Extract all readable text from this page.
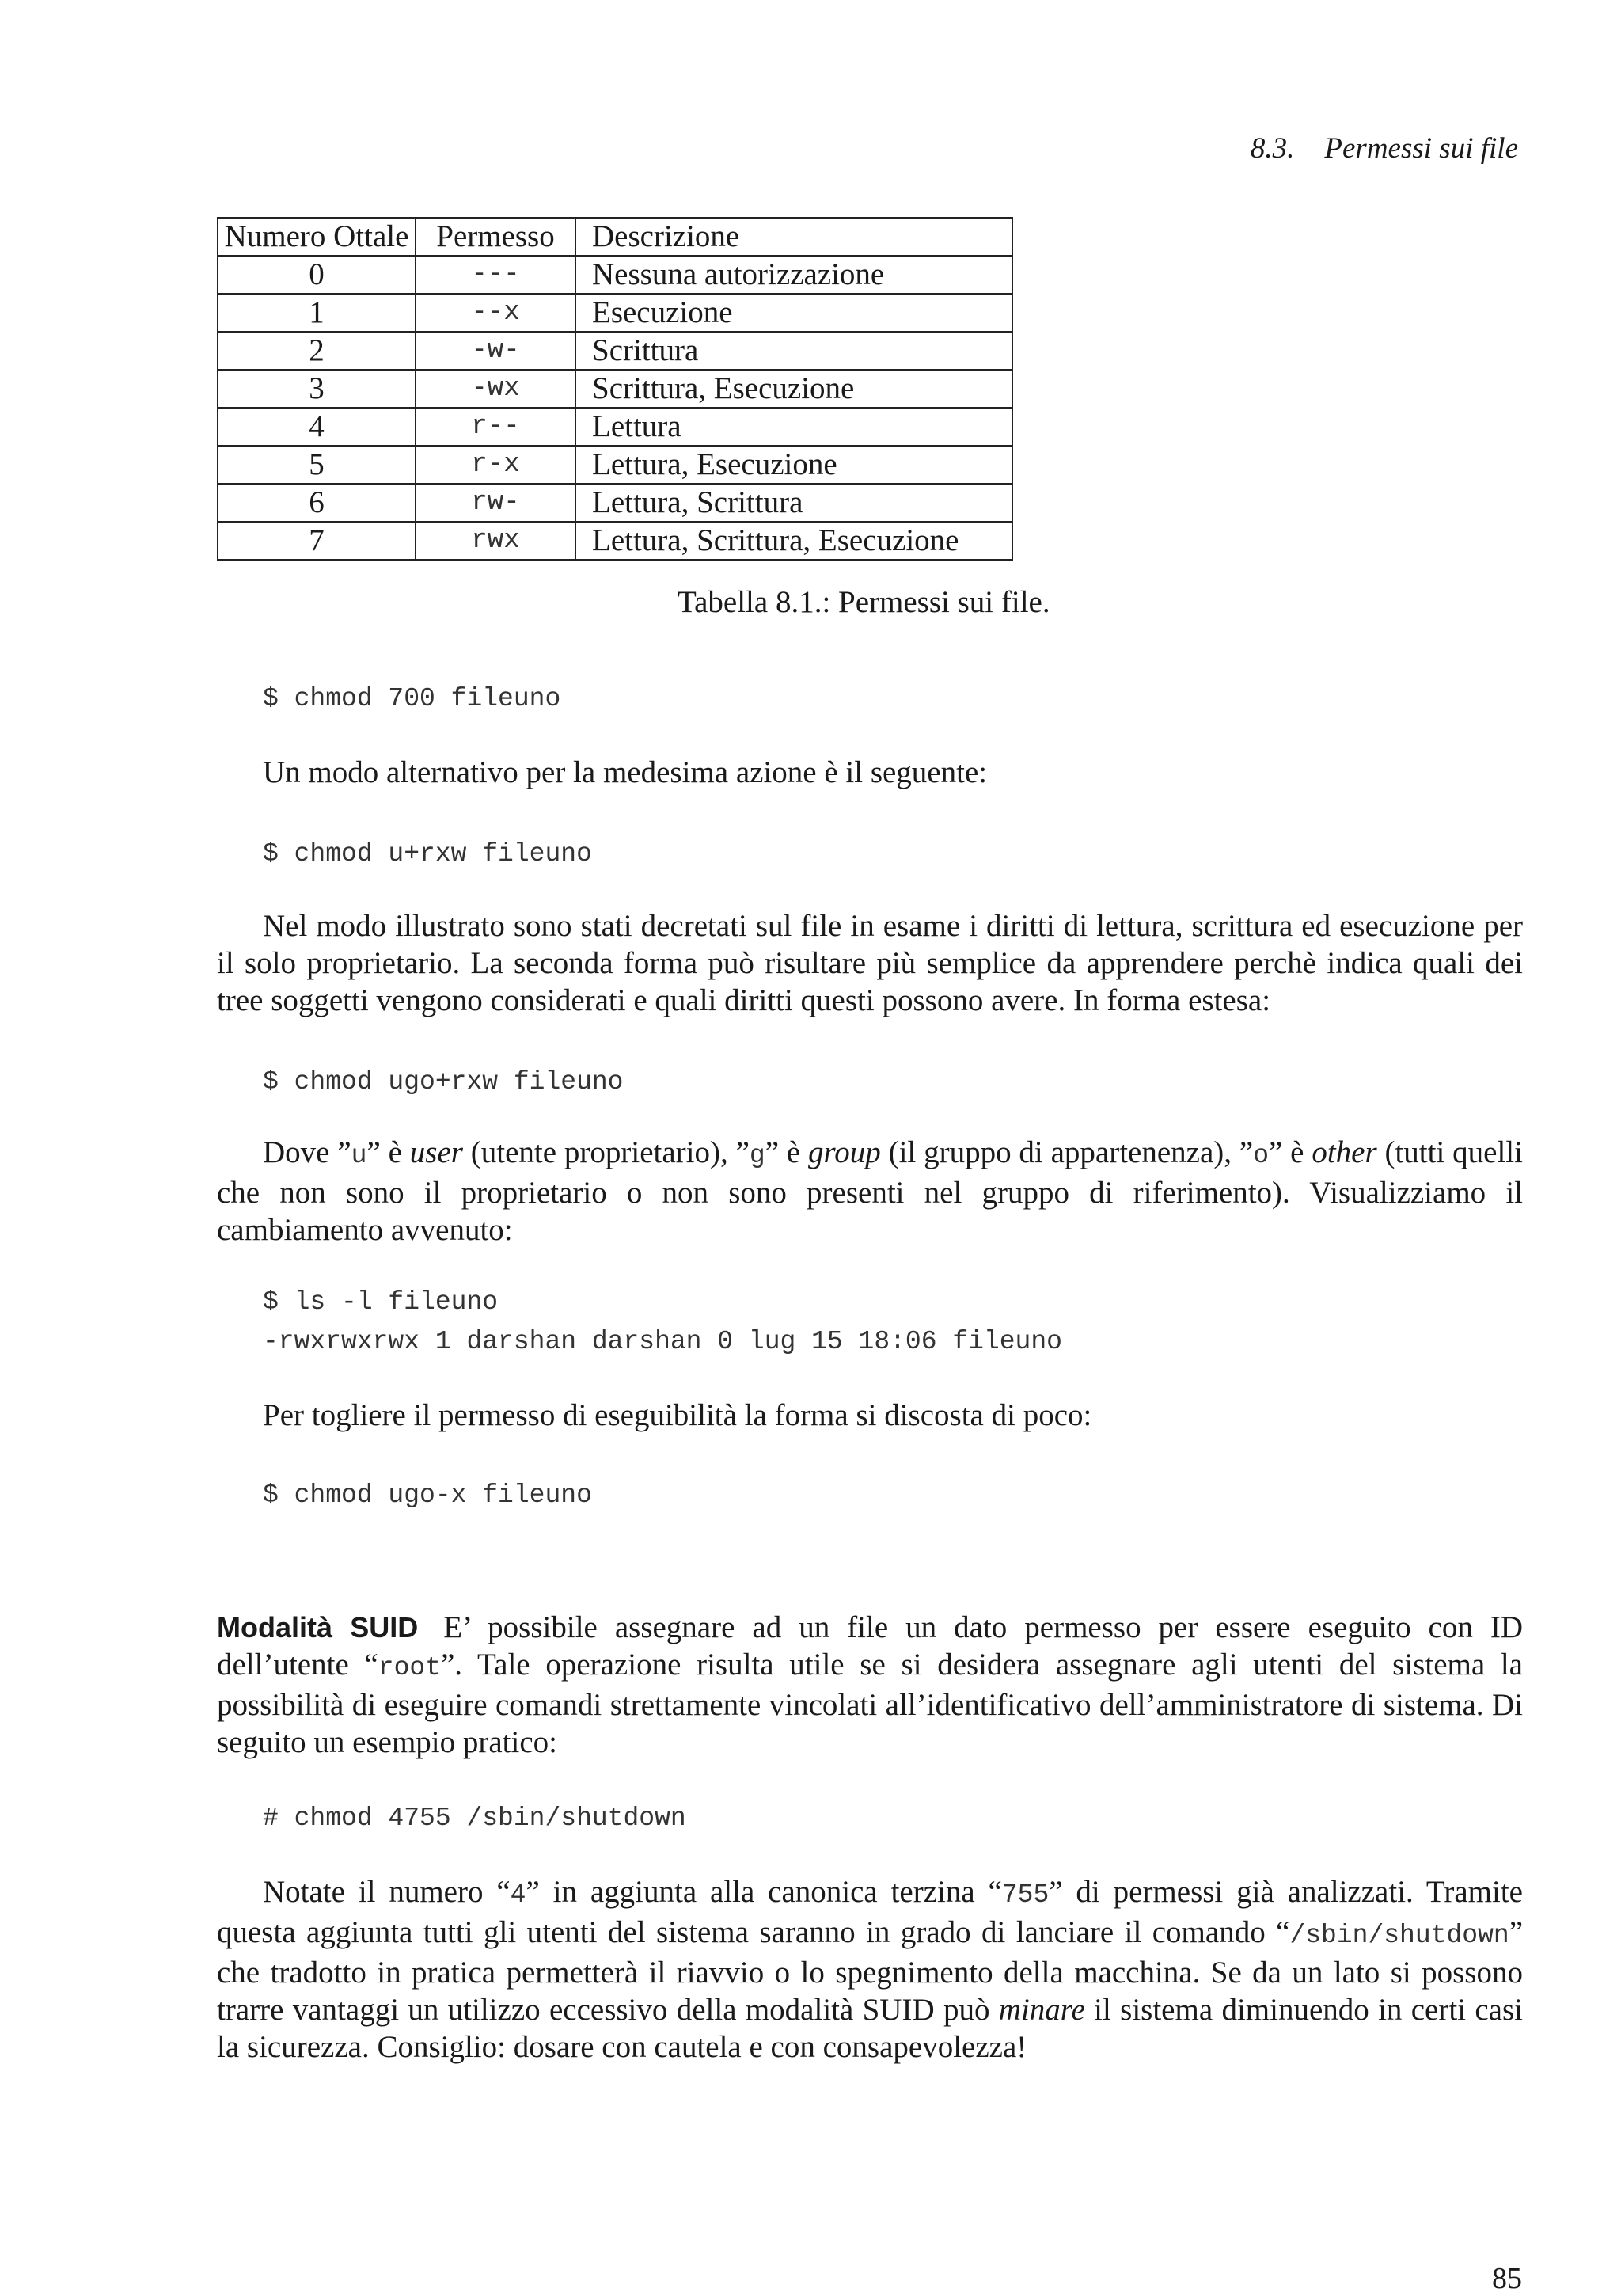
8.3. Permessi sui file
Numero Ottale	Permesso	Descrizione
0	---	Nessuna autorizzazione
1	--x	Esecuzione
2	-w-	Scrittura
3	-wx	Scrittura, Esecuzione
4	r--	Lettura
5	r-x	Lettura, Esecuzione
6	rw-	Lettura, Scrittura
7	rwx	Lettura, Scrittura, Esecuzione
Tabella 8.1.: Permessi sui file.
$ chmod 700 fileuno
Un modo alternativo per la medesima azione è il seguente:
$ chmod u+rxw fileuno

Nel modo illustrato sono stati decretati sul file in esame i diritti di lettura, scrittura ed esecuzione per il solo proprietario. La seconda forma può risultare più semplice da apprendere perchè indica quali dei tree soggetti vengono considerati e quali diritti questi possono avere. In forma estesa:

$ chmod ugo+rxw fileuno

Dove ”u” è user (utente proprietario), ”g” è group (il gruppo di appartenenza), ”o” è other (tutti quelli che non sono il proprietario o non sono presenti nel gruppo di riferimento). Visualizziamo il cambiamento avvenuto:

$ ls -l fileuno
-rwxrwxrwx 1 darshan darshan 0 lug 15 18:06 fileuno
Per togliere il permesso di eseguibilità la forma si discosta di poco:
$ chmod ugo-x fileuno

Modalità SUID E’ possibile assegnare ad un file un dato permesso per essere eseguito con ID dell’utente “root”. Tale operazione risulta utile se si desidera assegnare agli utenti del sistema la possibilità di eseguire comandi strettamente vincolati all’identificativo dell’amministratore di sistema. Di seguito un esempio pratico:

# chmod 4755 /sbin/shutdown

Notate il numero “4” in aggiunta alla canonica terzina “755” di permessi già analizzati. Tramite questa aggiunta tutti gli utenti del sistema saranno in grado di lanciare il comando “/sbin/shutdown” che tradotto in pratica permetterà il riavvio o lo spegnimento della macchina. Se da un lato si possono trarre vantaggi un utilizzo eccessivo della modalità SUID può minare il sistema diminuendo in certi casi la sicurezza. Consiglio: dosare con cautela e con consapevolezza!

85
